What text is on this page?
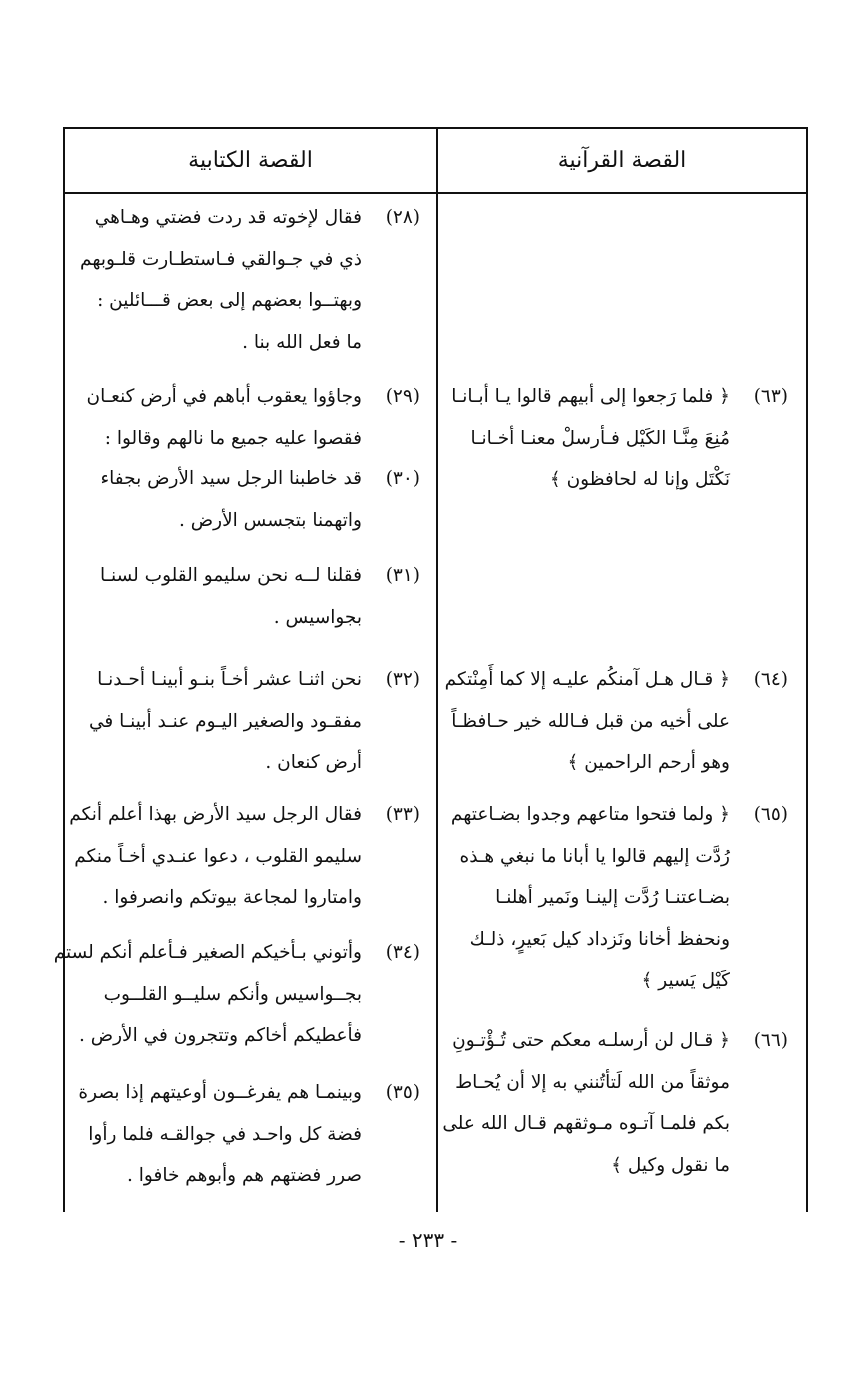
القصة الكتابية	القصة القرآنية
(٢٨)
فقال لإخوته قد ردت فضتي وهـاهي
ذي في جـوالقي فـاستطـارت قلـوبهم
وبهتــوا بعضهم إلى بعض قـــائلين :
ما فعل الله بنا .
(٢٩)
وجاؤوا يعقوب أباهم في أرض كنعـان
فقصوا عليه جميع ما نالهم وقالوا :
(٣٠)
قد خاطبنا الرجل سيد الأرض بجفاء
واتهمنا بتجسس الأرض .
(٣١)
فقلنا لــه نحن سليمو القلوب لسنـا
بجواسيس .
(٣٢)
نحن اثنـا عشر أخـاً بنـو أبينـا أحـدنـا
مفقـود والصغير اليـوم عنـد أبينـا في
أرض كنعان .
(٣٣)
فقال الرجل سيد الأرض بهذا أعلم أنكم
سليمو القلوب ، دعوا عنـدي أخـاً منكم
وامتاروا لمجاعة بيوتكم وانصرفوا .
(٣٤)
وأتوني بـأخيكم الصغير فـأعلم أنكم لستم
بجــواسيس وأنكم سليــو القلــوب
فأعطيكم أخاكم وتتجرون في الأرض .
(٣٥)
وبينمـا هم يفرغــون أوعيتهم إذا بصرة
فضة كل واحـد في جوالقـه فلما رأوا
صرر فضتهم هم وأبوهم خافوا .
(٦٣)
﴿ فلما رَجعوا إلى أبيهم قالوا يـا أبـانـا
مُنِعَ مِنَّـا الكَيْل فـأرسلْ معنـا أخـانـا
نَكْتَل وإنا له لحافظون ﴾
(٦٤)
﴿ قـال هـل آمنكُم عليـه إلا كما أَمِنْتكم
على أخيه من قبل فـالله خير حـافظـاً
وهو أرحم الراحمين ﴾
(٦٥)
﴿ ولما فتحوا متاعهم وجدوا بضـاعتهم
رُدَّت إليهم قالوا يا أبانا ما نبغي هـذه
بضـاعتنـا رُدَّت إلينـا ونَمير أهلنـا
ونحفظ أخانا ونَزداد كيل بَعيرٍ، ذلـك
كَيْل يَسير ﴾
(٦٦)
﴿ قـال لن أرسلـه معكم حتى تُـؤْتـونِ
موثقاً من الله لَتأتُنني به إلا أن يُحـاط
بكم فلمـا آتـوه مـوثقهم قـال الله على
ما نقول وكيل ﴾
- ٢٣٣ -
